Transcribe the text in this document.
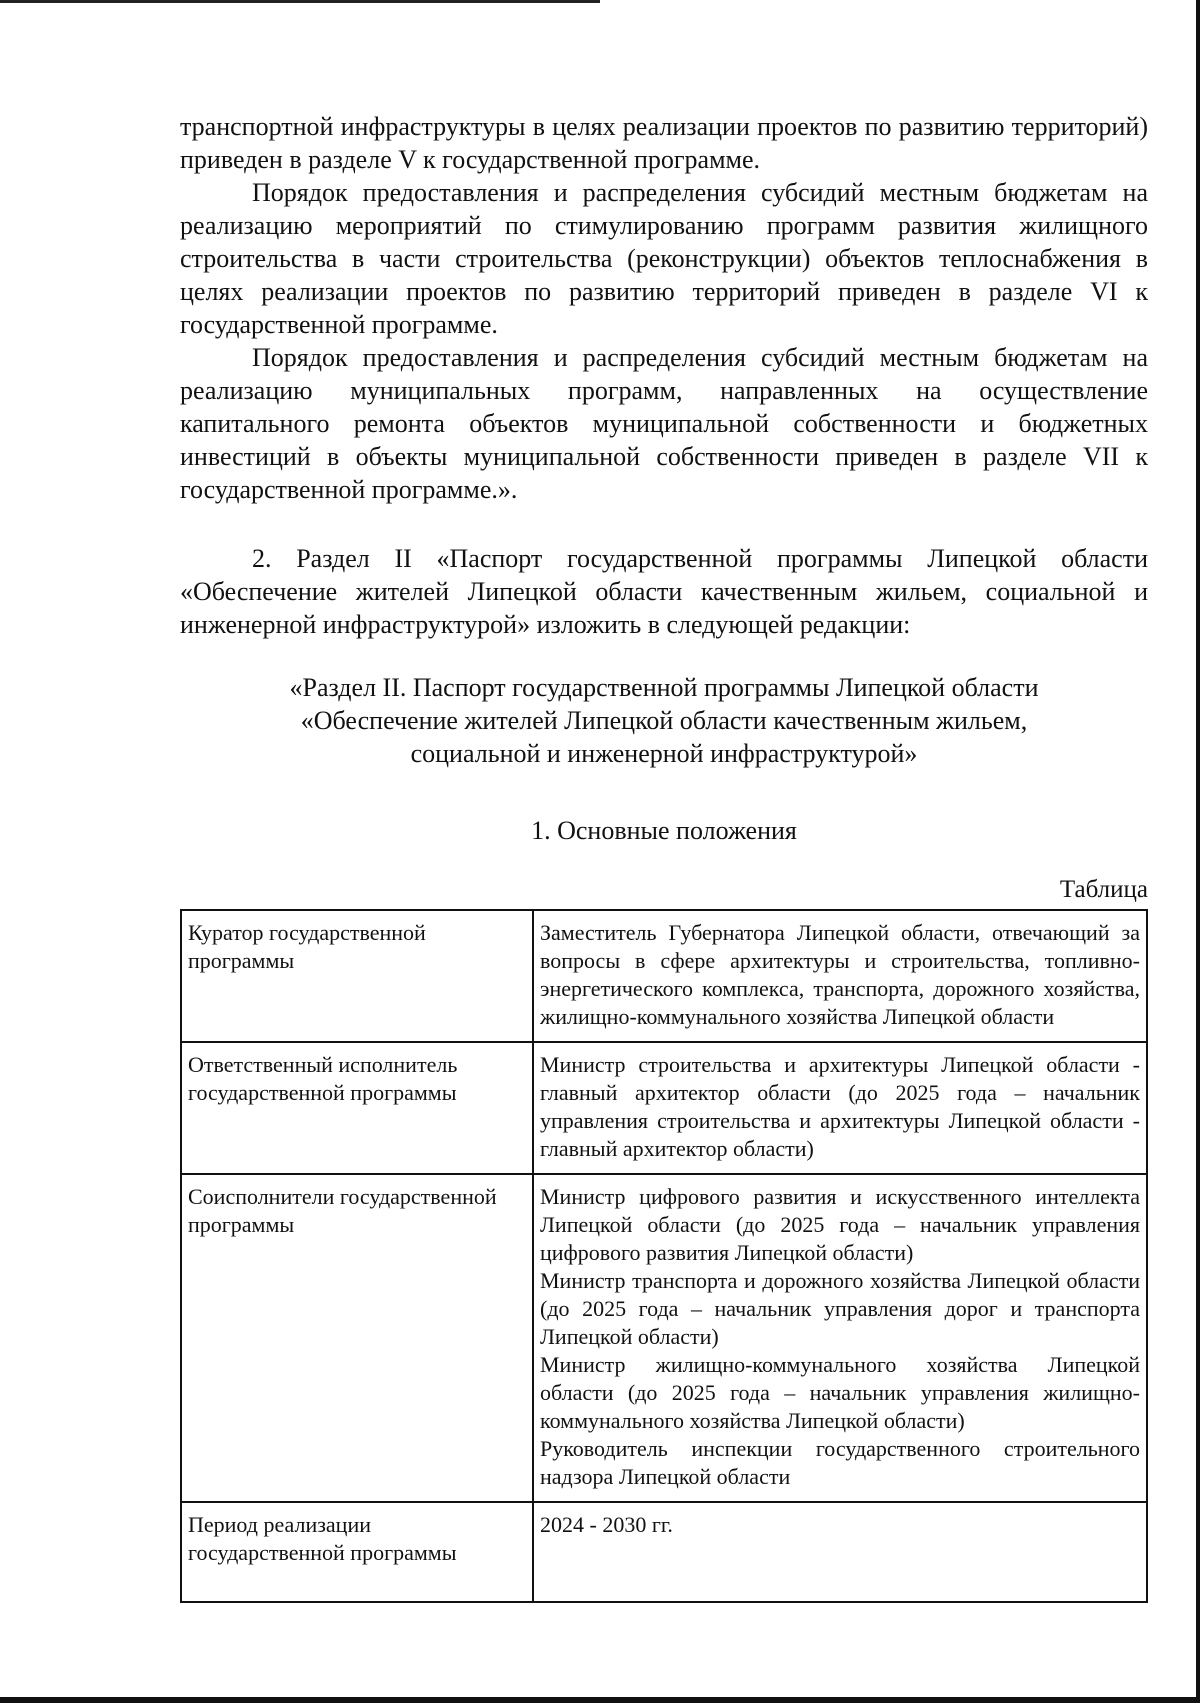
транспортной инфраструктуры в целях реализации проектов по развитию территорий) приведен в разделе V к государственной программе.

Порядок предоставления и распределения субсидий местным бюджетам на реализацию мероприятий по стимулированию программ развития жилищного строительства в части строительства (реконструкции) объектов теплоснабжения в целях реализации проектов по развитию территорий приведен в разделе VI к государственной программе.

Порядок предоставления и распределения субсидий местным бюджетам на реализацию муниципальных программ, направленных на осуществление капитального ремонта объектов муниципальной собственности и бюджетных инвестиций в объекты муниципальной собственности приведен в разделе VII к государственной программе.».

2. Раздел II «Паспорт государственной программы Липецкой области «Обеспечение жителей Липецкой области качественным жильем, социальной и инженерной инфраструктурой» изложить в следующей редакции:

«Раздел II. Паспорт государственной программы Липецкой области
«Обеспечение жителей Липецкой области качественным жильем,
социальной и инженерной инфраструктурой»
1. Основные положения
Таблица
Куратор государственной программы	Заместитель Губернатора Липецкой области, отвечающий за вопросы в сфере архитектуры и строительства, топливно-энергетического комплекса, транспорта, дорожного хозяйства, жилищно-коммунального хозяйства Липецкой области

Ответственный исполнитель государственной программы	Министр строительства и архитектуры Липецкой области - главный архитектор области (до 2025 года – начальник управления строительства и архитектуры Липецкой области - главный архитектор области)

Соисполнители государственной программы	Министр цифрового развития и искусственного интеллекта Липецкой области (до 2025 года – начальник управления цифрового развития Липецкой области)
Министр транспорта и дорожного хозяйства Липецкой области (до 2025 года – начальник управления дорог и транспорта Липецкой области)
Министр жилищно-коммунального хозяйства Липецкой области (до 2025 года – начальник управления жилищно-коммунального хозяйства Липецкой области)
Руководитель инспекции государственного строительного надзора Липецкой области

Период реализации государственной программы	2024 - 2030 гг.
